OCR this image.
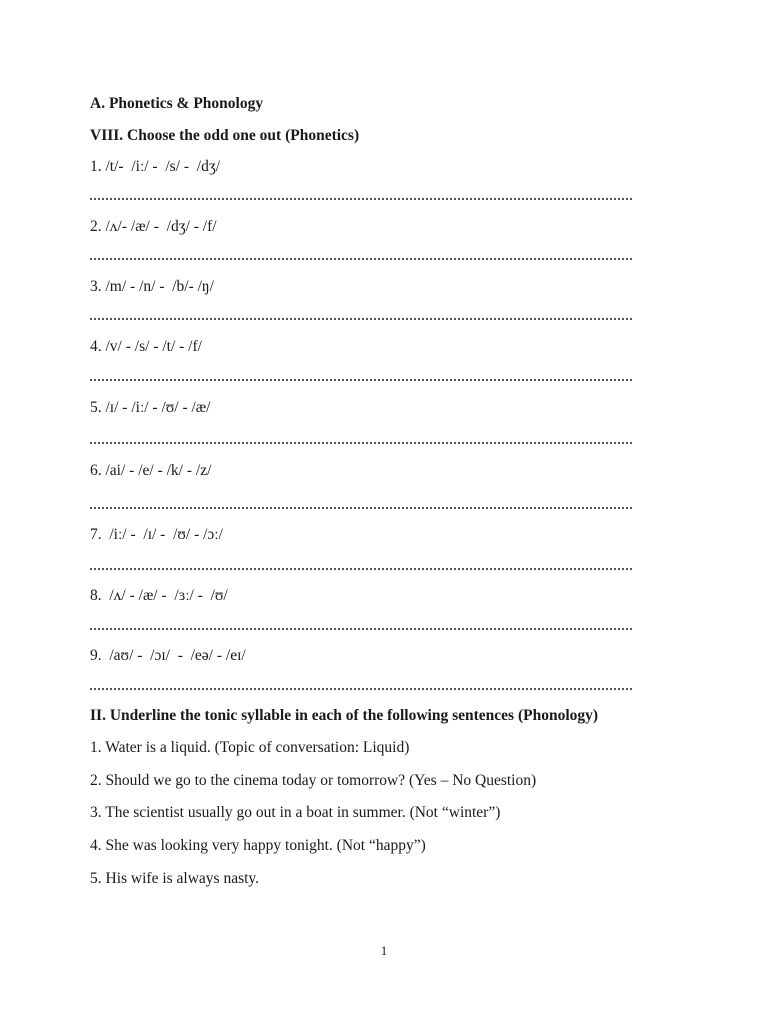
A. Phonetics & Phonology
VIII. Choose the odd one out (Phonetics)
1. /t/-  /iː/ -  /s/ -  /dʒ/
2. /ʌ/- /æ/ -  /dʒ/ - /f/
3. /m/ - /n/ -  /b/- /ŋ/
4. /v/ - /s/ - /t/ - /f/
5. /ɪ/ - /iː/ - /ʊ/ - /æ/
6. /ai/ - /e/ - /k/ - /z/
7.  /iː/ -  /ɪ/ -  /ʊ/ - /ɔː/
8.  /ʌ/ - /æ/ -  /ɜː/ -  /ʊ/
9.  /aʊ/ -  /ɔɪ/  -  /eə/ - /eɪ/
II. Underline the tonic syllable in each of the following sentences (Phonology)
1. Water is a liquid. (Topic of conversation: Liquid)
2. Should we go to the cinema today or tomorrow? (Yes – No Question)
3. The scientist usually go out in a boat in summer. (Not “winter”)
4. She was looking very happy tonight. (Not “happy”)
5. His wife is always nasty.
1
